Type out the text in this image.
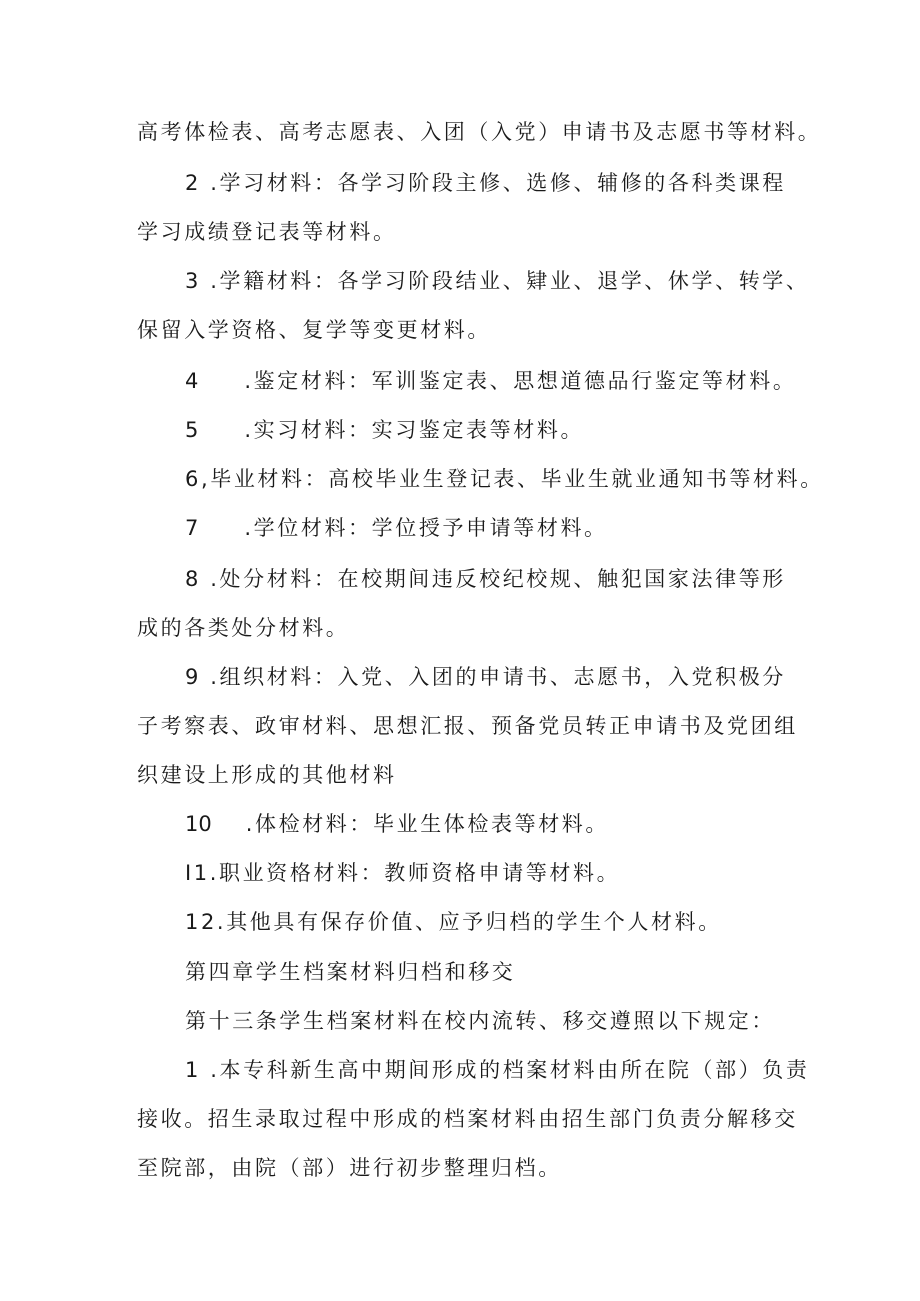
高考体检表、高考志愿表、入团（入党）申请书及志愿书等材料。
2 .学习材料：各学习阶段主修、选修、辅修的各科类课程
学习成绩登记表等材料。
3 .学籍材料：各学习阶段结业、肄业、退学、休学、转学、
保留入学资格、复学等变更材料。
4 .鉴定材料：军训鉴定表、思想道德品行鉴定等材料。
5 .实习材料：实习鉴定表等材料。
6,毕业材料：高校毕业生登记表、毕业生就业通知书等材料。
7 .学位材料：学位授予申请等材料。
8 .处分材料：在校期间违反校纪校规、触犯国家法律等形
成的各类处分材料。
9 .组织材料：入党、入团的申请书、志愿书，入党积极分
子考察表、政审材料、思想汇报、预备党员转正申请书及党团组
织建设上形成的其他材料
10 .体检材料：毕业生体检表等材料。
I1.职业资格材料：教师资格申请等材料。
12.其他具有保存价值、应予归档的学生个人材料。
第四章学生档案材料归档和移交
第十三条学生档案材料在校内流转、移交遵照以下规定：
1 .本专科新生高中期间形成的档案材料由所在院（部）负责
接收。招生录取过程中形成的档案材料由招生部门负责分解移交
至院部，由院（部）进行初步整理归档。
